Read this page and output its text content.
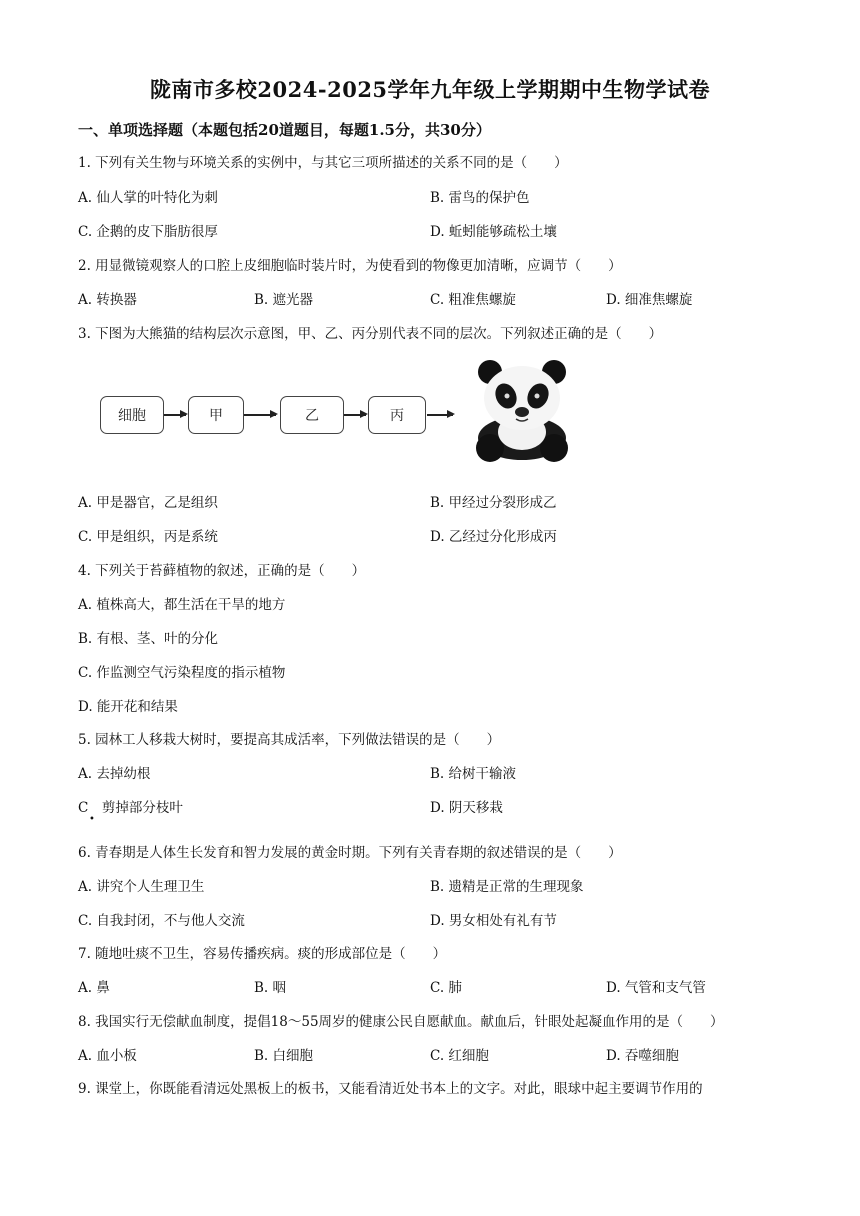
陇南市多校2024-2025学年九年级上学期期中生物学试卷
一、单项选择题（本题包括20道题目，每题1.5分，共30分）
1. 下列有关生物与环境关系的实例中，与其它三项所描述的关系不同的是（　　）
A. 仙人掌的叶特化为刺	B. 雷鸟的保护色
C. 企鹅的皮下脂肪很厚	D. 蚯蚓能够疏松土壤
2. 用显微镜观察人的口腔上皮细胞临时装片时，为使看到的物像更加清晰，应调节（　　）
A. 转换器	B. 遮光器	C. 粗准焦螺旋	D. 细准焦螺旋
3. 下图为大熊猫的结构层次示意图，甲、乙、丙分别代表不同的层次。下列叙述正确的是（　　）
细胞	甲	乙	丙
A. 甲是器官，乙是组织	B. 甲经过分裂形成乙
C. 甲是组织，丙是系统	D. 乙经过分化形成丙
4. 下列关于苔藓植物的叙述，正确的是（　　）
A. 植株高大，都生活在干旱的地方
B. 有根、茎、叶的分化
C. 作监测空气污染程度的指示植物
D. 能开花和结果
5. 园林工人移栽大树时，要提高其成活率，下列做法错误的是（　　）
A. 去掉幼根	B. 给树干输液
C　剪掉部分枝叶	D. 阴天移栽
•
6. 青春期是人体生长发育和智力发展的黄金时期。下列有关青春期的叙述错误的是（　　）
A. 讲究个人生理卫生	B. 遗精是正常的生理现象
C. 自我封闭，不与他人交流	D. 男女相处有礼有节
7. 随地吐痰不卫生，容易传播疾病。痰的形成部位是（　　）
A. 鼻	B. 咽	C. 肺	D. 气管和支气管
8. 我国实行无偿献血制度，提倡18～55周岁的健康公民自愿献血。献血后，针眼处起凝血作用的是（　　）
A. 血小板	B. 白细胞	C. 红细胞	D. 吞噬细胞
9. 课堂上，你既能看清远处黑板上的板书，又能看清近处书本上的文字。对此，眼球中起主要调节作用的
